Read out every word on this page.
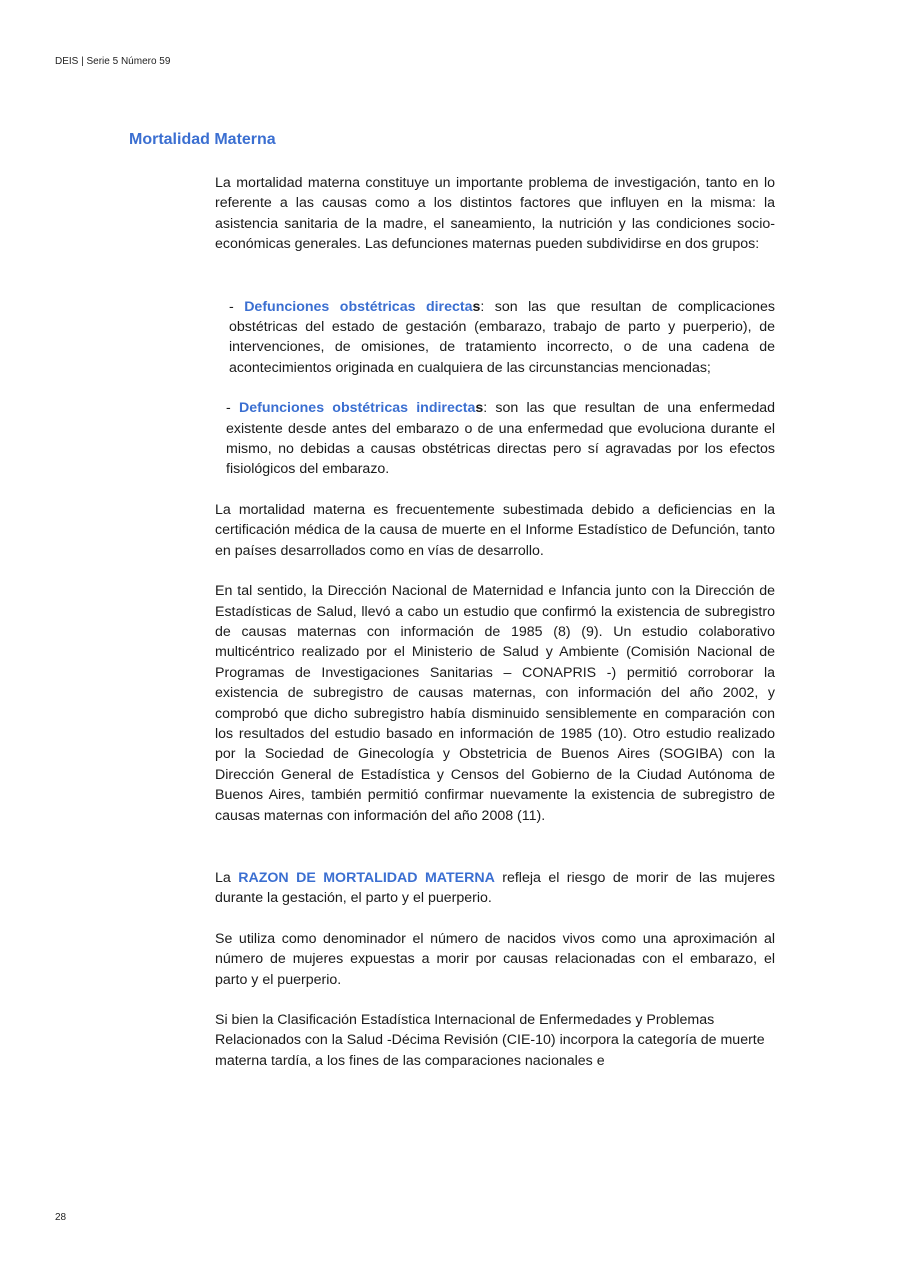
DEIS | Serie 5 Número 59
Mortalidad Materna

La mortalidad materna constituye un importante problema de investigación, tanto en lo referente a las causas como a los distintos factores que influyen en la misma: la asistencia sanitaria de la madre, el saneamiento, la nutrición y las condiciones socio-económicas generales. Las defunciones maternas pueden subdividirse en dos grupos:

- Defunciones obstétricas directas: son las que resultan de complicaciones obstétricas del estado de gestación (embarazo, trabajo de parto y puerperio), de intervenciones, de omisiones, de tratamiento incorrecto, o de una cadena de acontecimientos originada en cualquiera de las circunstancias mencionadas;

- Defunciones obstétricas indirectas: son las que resultan de una enfermedad existente desde antes del embarazo o de una enfermedad que evoluciona durante el mismo, no debidas a causas obstétricas directas pero sí agravadas por los efectos fisiológicos del embarazo.

La mortalidad materna es frecuentemente subestimada debido a deficiencias en la certificación médica de la causa de muerte en el Informe Estadístico de Defunción, tanto en países desarrollados como en vías de desarrollo.

En tal sentido, la Dirección Nacional de Maternidad e Infancia junto con la Dirección de Estadísticas de Salud, llevó a cabo un estudio que confirmó la existencia de subregistro de causas maternas con información de 1985 (8) (9). Un estudio colaborativo multicéntrico realizado por el Ministerio de Salud y Ambiente (Comisión Nacional de Programas de Investigaciones Sanitarias – CONAPRIS -) permitió corroborar la existencia de subregistro de causas maternas, con información del año 2002, y comprobó que dicho subregistro había disminuido sensiblemente en comparación con los resultados del estudio basado en información de 1985 (10). Otro estudio realizado por la Sociedad de Ginecología y Obstetricia de Buenos Aires (SOGIBA) con la Dirección General de Estadística y Censos del Gobierno de la Ciudad Autónoma de Buenos Aires, también permitió confirmar nuevamente la existencia de subregistro de causas maternas con información del año 2008 (11).

La RAZON DE MORTALIDAD MATERNA refleja el riesgo de morir de las mujeres durante la gestación, el parto y el puerperio.

Se utiliza como denominador el número de nacidos vivos como una aproximación al número de mujeres expuestas a morir por causas relacionadas con el embarazo, el parto y el puerperio.

Si bien la Clasificación Estadística Internacional de Enfermedades y Problemas Relacionados con la Salud -Décima Revisión (CIE-10) incorpora la categoría de muerte materna tardía, a los fines de las comparaciones nacionales e

28
